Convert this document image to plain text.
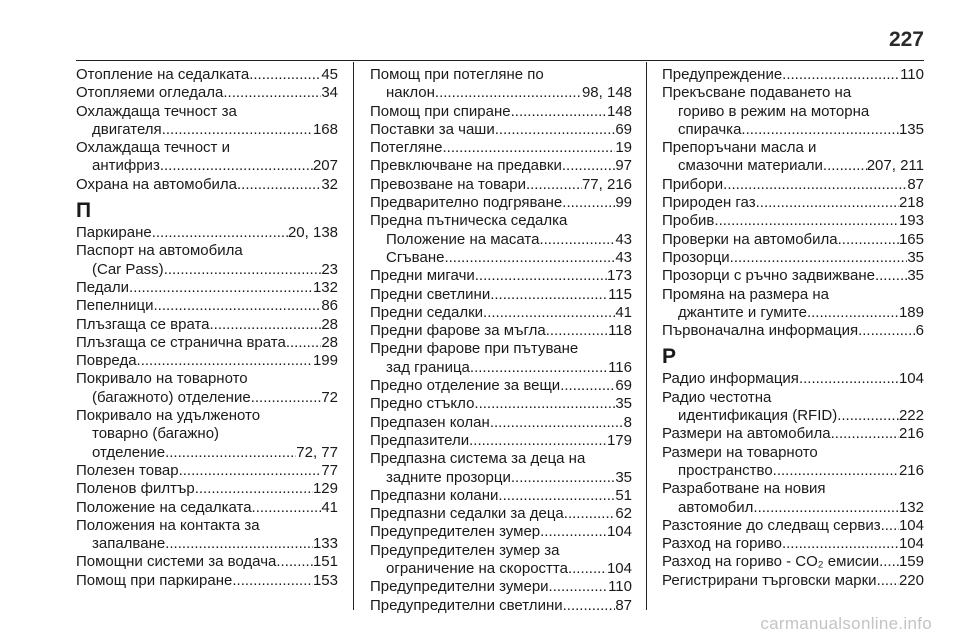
227
Отопление на седалката .....	45
Отопляеми огледала .....	34
Охлаждаща течност за
двигателя .....	168
Охлаждаща течност и
антифриз .....	207
Охрана на автомобила .....	32
П
Паркиране .....	20, 138
Паспорт на автомобила
(Car Pass) .....	23
Педали .....	132
Пепелници .....	86
Плъзгаща се врата .....	28
Плъзгаща се странична врата ..... 28
Повреда .....	199
Покривало на товарното
(багажното) отделение .....	72
Покривало на удълженото
товарно (багажно)
отделение .....	72, 77
Полезен товар .....	77
Поленов филтър .....	129
Положение на седалката .....	41
Положения на контакта за
запалване .....	133
Помощни системи за водача ..... 151
Помощ при паркиране .....	153
Помощ при потегляне по
наклон .....	98, 148
Помощ при спиране .....	148
Поставки за чаши .....	69
Потегляне .....	19
Превключване на предавки .....	97
Превозване на товари .....	77, 216
Предварително подгряване .....	99
Предна пътническа седалка
Положение на масата .....	43
Сгъване .....	43
Предни мигачи .....	173
Предни светлини .....	115
Предни седалки .....	41
Предни фарове за мъгла .....	118
Предни фарове при пътуване
зад граница .....	116
Предно отделение за вещи .....	69
Предно стъкло .....	35
Предпазен колан .....	8
Предпазители .....	179
Предпазна система за деца на
задните прозорци .....	35
Предпазни колани .....	51
Предпазни седалки за деца .....	62
Предупредителен зумер .....	104
Предупредителен зумер за
ограничение на скоростта .....	104
Предупредителни зумери .....	110
Предупредителни светлини .....	87
Предупреждение .....	110
Прекъсване подаването на
гориво в режим на моторна
спирачка .....	135
Препоръчани масла и
смазочни материали .....	207, 211
Прибори .....	87
Природен газ .....	218
Пробив .....	193
Проверки на автомобила .....	165
Прозорци .....	35
Прозорци с ръчно задвижване ..... 35
Промяна на размера на
джантите и гумите .....	189
Първоначална информация .....	6
Р
Радио информация .....	104
Радио честотна
идентификация (RFID) .....	222
Размери на автомобила .....	216
Размери на товарното
пространство .....	216
Разработване на новия
автомобил .....	132
Разстояние до следващ сервиз ..... 104
Разход на гориво .....	104
Разход на гориво - CO₂ емисии ..... 159
Регистрирани търговски марки ..... 220
carmanualsonline.info
